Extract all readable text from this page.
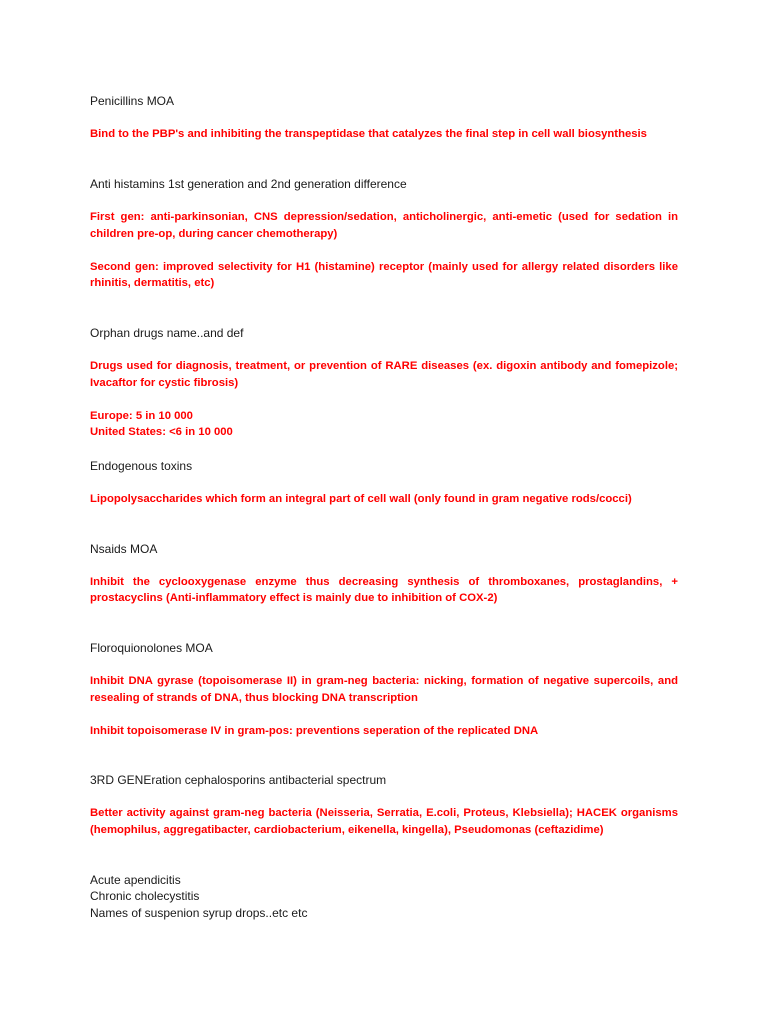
Penicillins MOA
Bind to the PBP's and inhibiting the transpeptidase that catalyzes the final step in cell wall biosynthesis
Anti histamins 1st generation and 2nd generation difference
First gen: anti-parkinsonian, CNS depression/sedation, anticholinergic, anti-emetic (used for sedation in
children pre-op, during cancer chemotherapy)
Second gen: improved selectivity for H1 (histamine) receptor (mainly used for allergy related disorders like
rhinitis, dermatitis, etc)
Orphan drugs name..and def
Drugs used for diagnosis, treatment, or prevention of RARE diseases (ex. digoxin antibody and fomepizole;
Ivacaftor for cystic fibrosis)
Europe: 5 in 10 000
United States: <6 in 10 000
Endogenous toxins
Lipopolysaccharides which form an integral part of cell wall (only found in gram negative rods/cocci)
Nsaids MOA
Inhibit the cyclooxygenase enzyme thus decreasing synthesis of thromboxanes, prostaglandins, +
prostacyclins (Anti-inflammatory effect is mainly due to inhibition of COX-2)
Floroquionolones MOA
Inhibit DNA gyrase (topoisomerase II) in gram-neg bacteria: nicking, formation of negative supercoils, and
resealing of strands of DNA, thus blocking DNA transcription
Inhibit topoisomerase IV in gram-pos: preventions seperation of the replicated DNA
3RD GENEration cephalosporins antibacterial spectrum
Better activity against gram-neg bacteria (Neisseria, Serratia, E.coli, Proteus, Klebsiella); HACEK organisms
(hemophilus, aggregatibacter, cardiobacterium, eikenella, kingella), Pseudomonas (ceftazidime)
Acute apendicitis
Chronic cholecystitis
Names of suspenion syrup drops..etc etc
